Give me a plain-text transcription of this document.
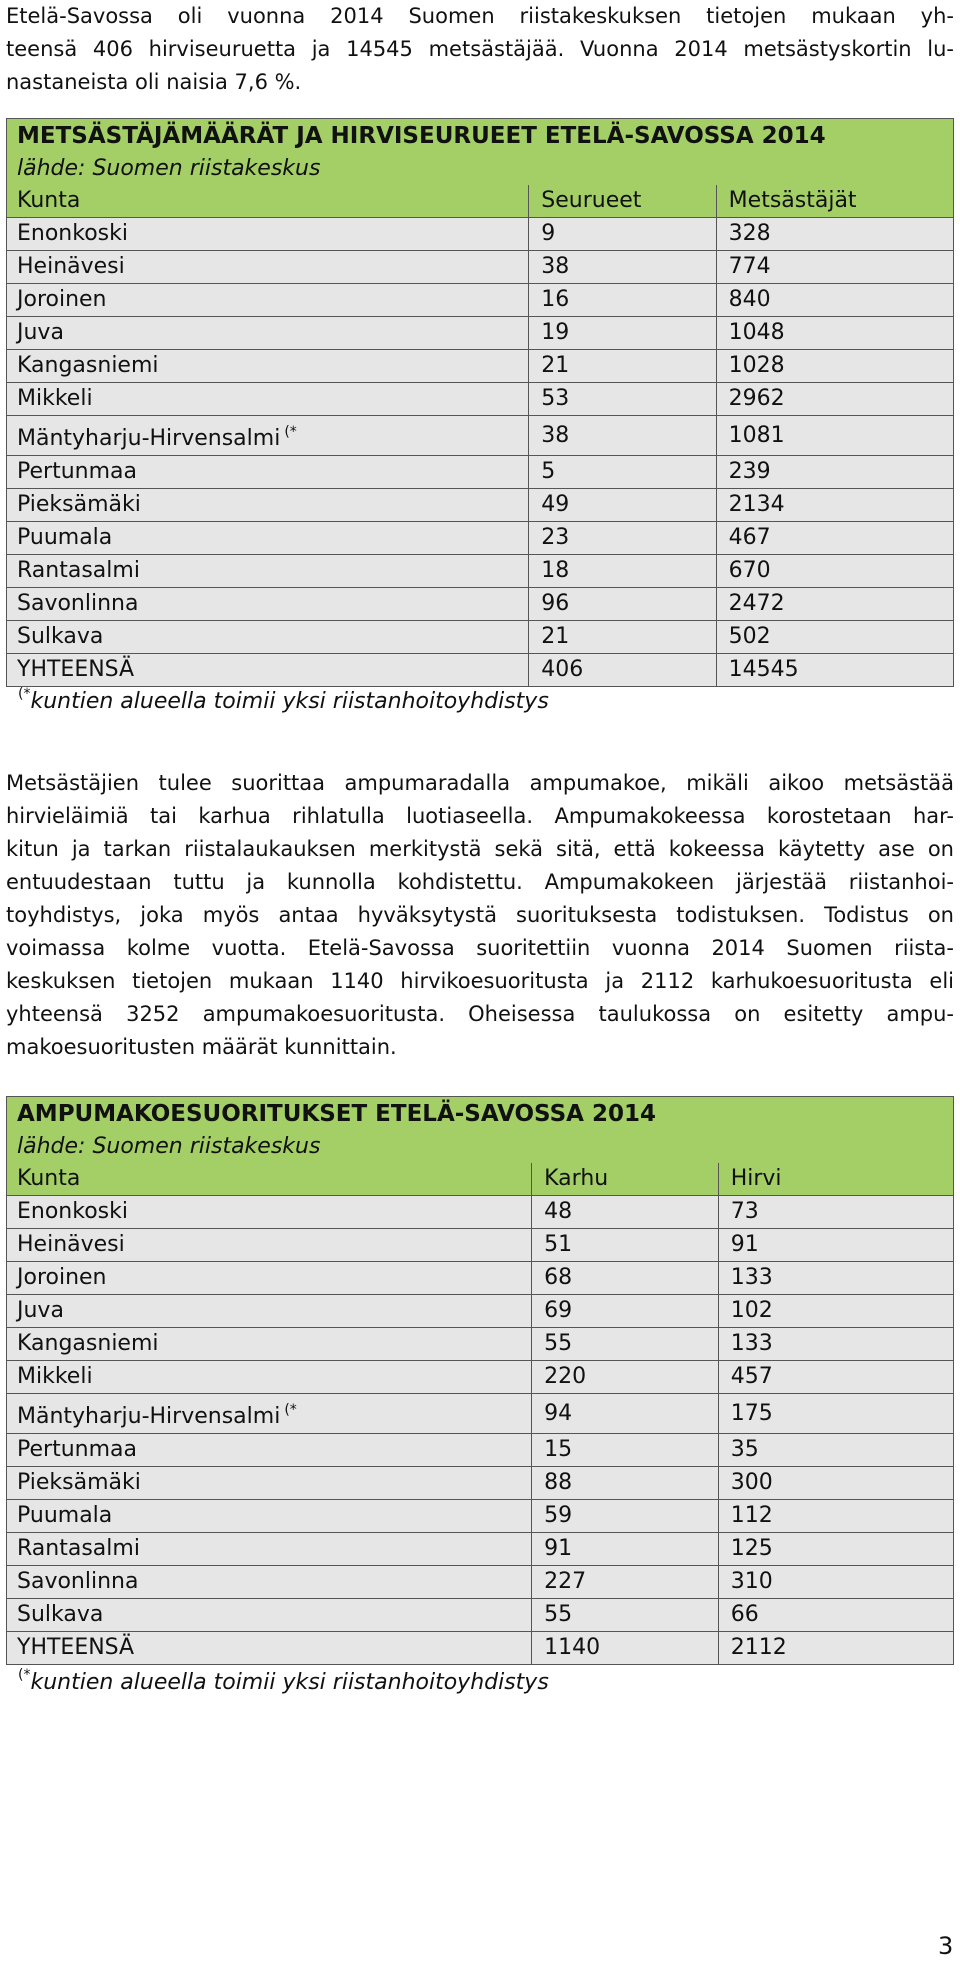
Etelä-Savossa oli vuonna 2014 Suomen riistakeskuksen tietojen mukaan yh-
teensä 406 hirviseuruetta ja 14545 metsästäjää. Vuonna 2014 metsästyskortin lu-
nastaneista oli naisia 7,6 %.
METSÄSTÄJÄMÄÄRÄT JA HIRVISEURUEET ETELÄ-SAVOSSA 2014		
lähde: Suomen riistakeskus		
Kunta	Seurueet	Metsästäjät
Enonkoski	9	328
Heinävesi	38	774
Joroinen	16	840
Juva	19	1048
Kangasniemi	21	1028
Mikkeli	53	2962
Mäntyharju-Hirvensalmi (*	38	1081
Pertunmaa	5	239
Pieksämäki	49	2134
Puumala	23	467
Rantasalmi	18	670
Savonlinna	96	2472
Sulkava	21	502
YHTEENSÄ	406	14545
(*kuntien alueella toimii yksi riistanhoitoyhdistys
Metsästäjien tulee suorittaa ampumaradalla ampumakoe, mikäli aikoo metsästää
hirvieläimiä tai karhua rihlatulla luotiaseella. Ampumakokeessa korostetaan har-
kitun ja tarkan riistalaukauksen merkitystä sekä sitä, että kokeessa käytetty ase on
entuudestaan tuttu ja kunnolla kohdistettu. Ampumakokeen järjestää riistanhoi-
toyhdistys, joka myös antaa hyväksytystä suorituksesta todistuksen. Todistus on
voimassa kolme vuotta. Etelä-Savossa suoritettiin vuonna 2014 Suomen riista-
keskuksen tietojen mukaan 1140 hirvikoesuoritusta ja 2112 karhukoesuoritusta eli
yhteensä 3252 ampumakoesuoritusta. Oheisessa taulukossa on esitetty ampu-
makoesuoritusten määrät kunnittain.
AMPUMAKOESUORITUKSET ETELÄ-SAVOSSA 2014		
lähde: Suomen riistakeskus		
Kunta	Karhu	Hirvi
Enonkoski	48	73
Heinävesi	51	91
Joroinen	68	133
Juva	69	102
Kangasniemi	55	133
Mikkeli	220	457
Mäntyharju-Hirvensalmi (*	94	175
Pertunmaa	15	35
Pieksämäki	88	300
Puumala	59	112
Rantasalmi	91	125
Savonlinna	227	310
Sulkava	55	66
YHTEENSÄ	1140	2112
(*kuntien alueella toimii yksi riistanhoitoyhdistys
3
